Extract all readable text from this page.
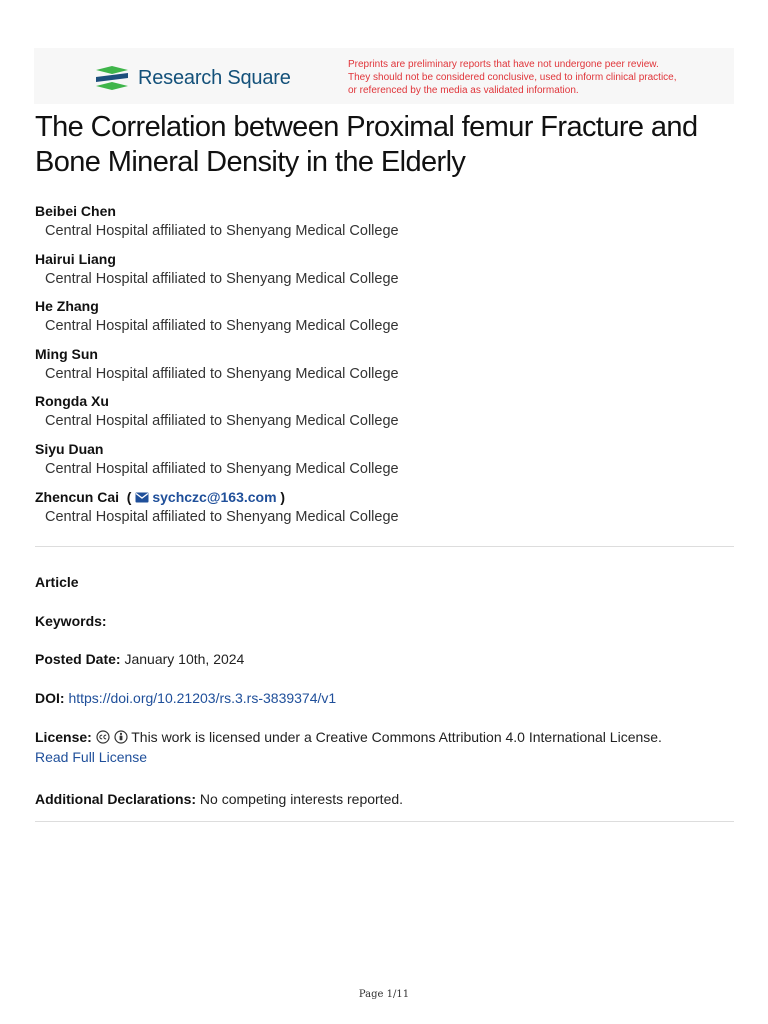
Research Square
Preprints are preliminary reports that have not undergone peer review.
They should not be considered conclusive, used to inform clinical practice,
or referenced by the media as validated information.
The Correlation between Proximal femur Fracture and Bone Mineral Density in the Elderly
Beibei Chen
Central Hospital affiliated to Shenyang Medical College
Hairui Liang
Central Hospital affiliated to Shenyang Medical College
He Zhang
Central Hospital affiliated to Shenyang Medical College
Ming Sun
Central Hospital affiliated to Shenyang Medical College
Rongda Xu
Central Hospital affiliated to Shenyang Medical College
Siyu Duan
Central Hospital affiliated to Shenyang Medical College
Zhencun Cai  ( sychczc@163.com )
Central Hospital affiliated to Shenyang Medical College
Article
Keywords:
Posted Date: January 10th, 2024
DOI: https://doi.org/10.21203/rs.3.rs-3839374/v1
License:	This work is licensed under a Creative Commons Attribution 4.0 International License.
Read Full License
Additional Declarations: No competing interests reported.
Page 1/11
